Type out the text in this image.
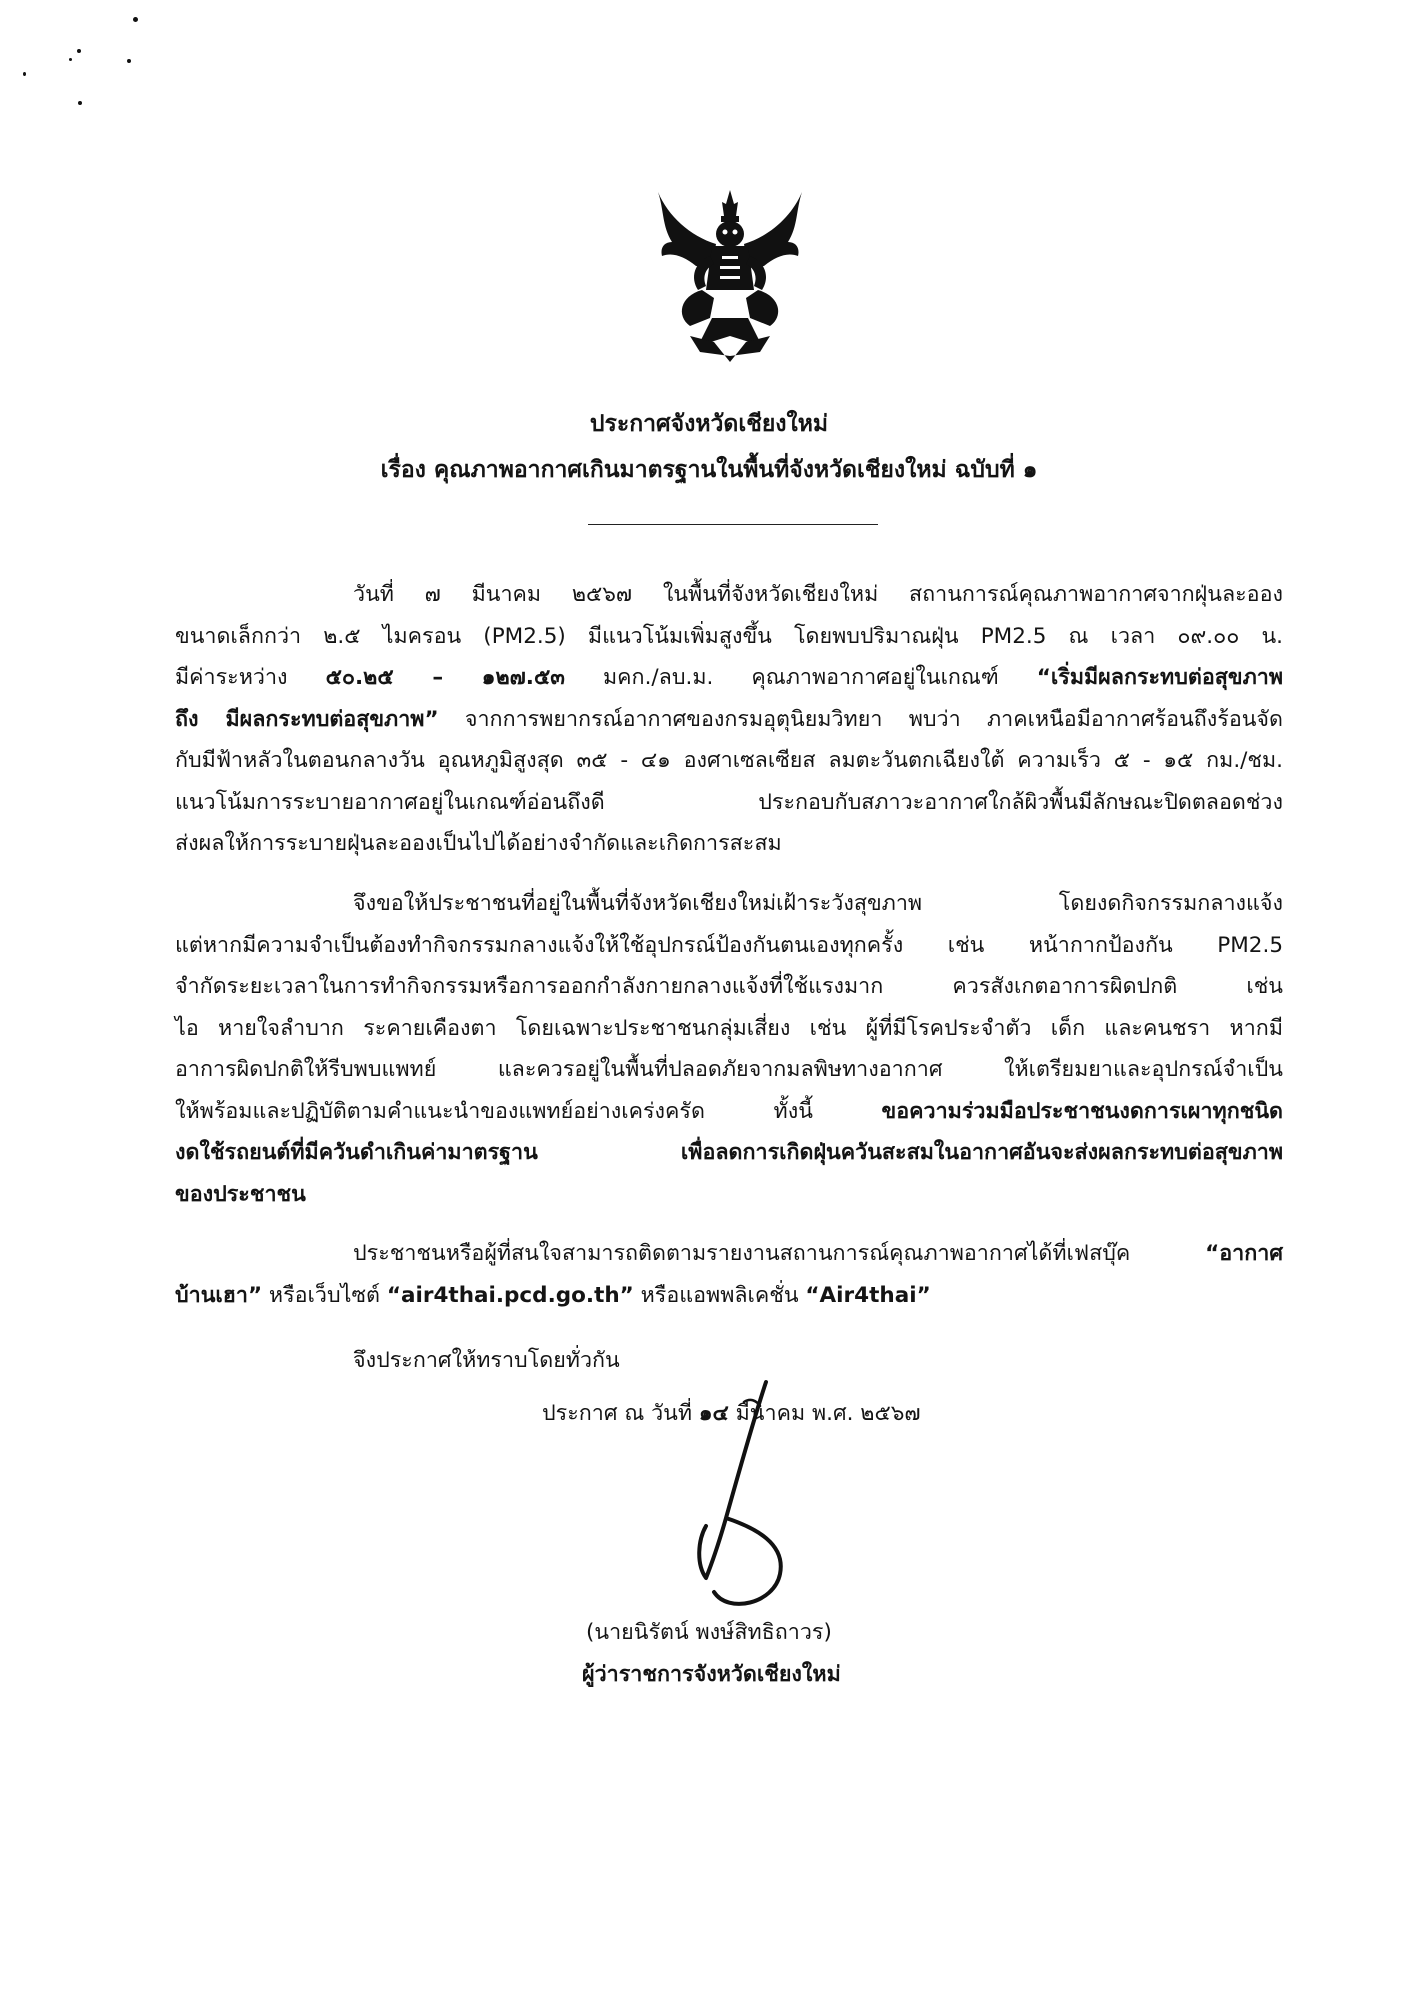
ประกาศจังหวัดเชียงใหม่
เรื่อง คุณภาพอากาศเกินมาตรฐานในพื้นที่จังหวัดเชียงใหม่ ฉบับที่ ๑
วันที่ ๗ มีนาคม ๒๕๖๗ ในพื้นที่จังหวัดเชียงใหม่ สถานการณ์คุณภาพอากาศจากฝุ่นละออง
ขนาดเล็กกว่า ๒.๕ ไมครอน (PM2.5) มีแนวโน้มเพิ่มสูงขึ้น โดยพบปริมาณฝุ่น PM2.5 ณ เวลา ๐๙.๐๐ น.
มีค่าระหว่าง ๕๐.๒๕ – ๑๒๗.๕๓ มคก./ลบ.ม. คุณภาพอากาศอยู่ในเกณฑ์ “เริ่มมีผลกระทบต่อสุขภาพ
ถึง มีผลกระทบต่อสุขภาพ” จากการพยากรณ์อากาศของกรมอุตุนิยมวิทยา พบว่า ภาคเหนือมีอากาศร้อนถึงร้อนจัด
กับมีฟ้าหลัวในตอนกลางวัน อุณหภูมิสูงสุด ๓๕ - ๔๑ องศาเซลเซียส ลมตะวันตกเฉียงใต้ ความเร็ว ๕ - ๑๕ กม./ชม.
แนวโน้มการระบายอากาศอยู่ในเกณฑ์อ่อนถึงดี ประกอบกับสภาวะอากาศใกล้ผิวพื้นมีลักษณะปิดตลอดช่วง
ส่งผลให้การระบายฝุ่นละอองเป็นไปได้อย่างจำกัดและเกิดการสะสม
จึงขอให้ประชาชนที่อยู่ในพื้นที่จังหวัดเชียงใหม่เฝ้าระวังสุขภาพ โดยงดกิจกรรมกลางแจ้ง
แต่หากมีความจำเป็นต้องทำกิจกรรมกลางแจ้งให้ใช้อุปกรณ์ป้องกันตนเองทุกครั้ง เช่น หน้ากากป้องกัน PM2.5
จำกัดระยะเวลาในการทำกิจกรรมหรือการออกกำลังกายกลางแจ้งที่ใช้แรงมาก ควรสังเกตอาการผิดปกติ เช่น
ไอ หายใจลำบาก ระคายเคืองตา โดยเฉพาะประชาชนกลุ่มเสี่ยง เช่น ผู้ที่มีโรคประจำตัว เด็ก และคนชรา หากมี
อาการผิดปกติให้รีบพบแพทย์ และควรอยู่ในพื้นที่ปลอดภัยจากมลพิษทางอากาศ ให้เตรียมยาและอุปกรณ์จำเป็น
ให้พร้อมและปฏิบัติตามคำแนะนำของแพทย์อย่างเคร่งครัด ทั้งนี้ ขอความร่วมมือประชาชนงดการเผาทุกชนิด
งดใช้รถยนต์ที่มีควันดำเกินค่ามาตรฐาน เพื่อลดการเกิดฝุ่นควันสะสมในอากาศอันจะส่งผลกระทบต่อสุขภาพ
ของประชาชน
ประชาชนหรือผู้ที่สนใจสามารถติดตามรายงานสถานการณ์คุณภาพอากาศได้ที่เฟสบุ๊ค “อากาศ
บ้านเฮา” หรือเว็บไซต์ “air4thai.pcd.go.th” หรือแอพพลิเคชั่น “Air4thai”
จึงประกาศให้ทราบโดยทั่วกัน
ประกาศ ณ วันที่ ๑๔ มีนาคม พ.ศ. ๒๕๖๗
(นายนิรัตน์ พงษ์สิทธิถาวร)
ผู้ว่าราชการจังหวัดเชียงใหม่
